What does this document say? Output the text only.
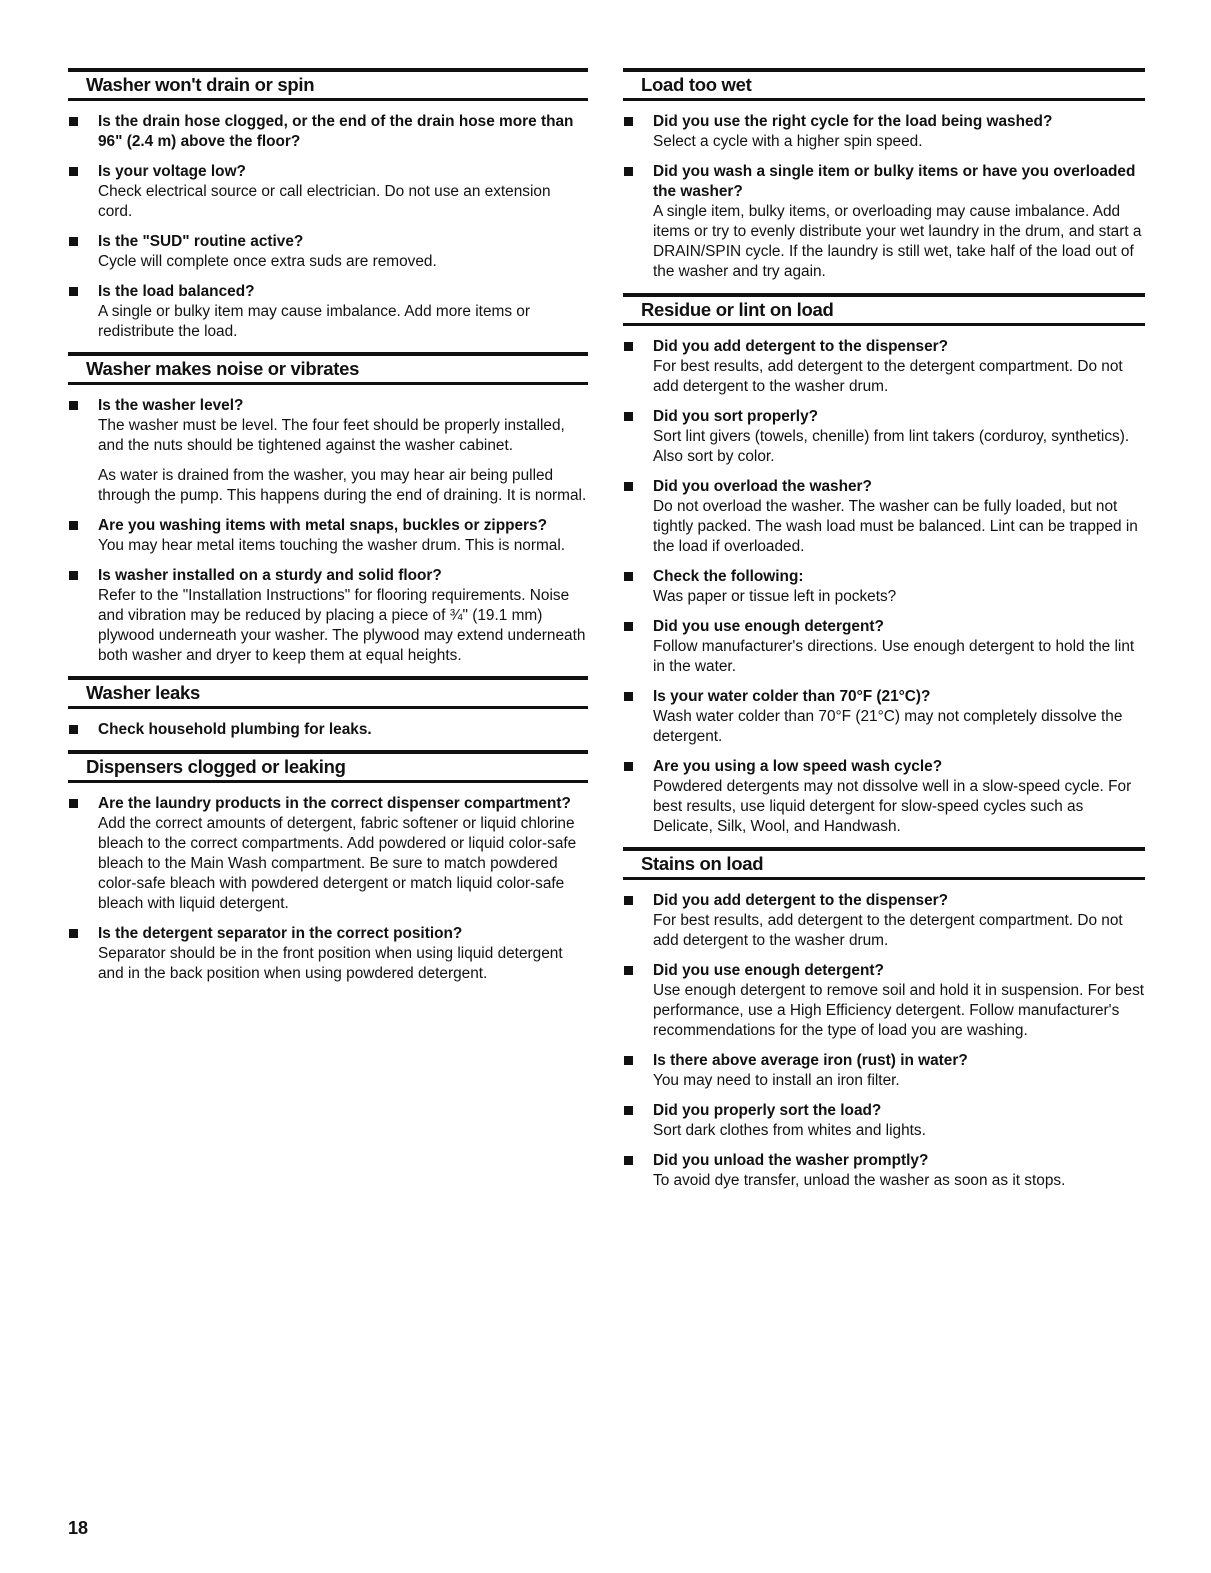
Washer won't drain or spin

Is the drain hose clogged, or the end of the drain hose more than 96" (2.4 m) above the floor?

Is your voltage low?

Check electrical source or call electrician. Do not use an extension cord.

Is the "SUD" routine active?

Cycle will complete once extra suds are removed.

Is the load balanced?

A single or bulky item may cause imbalance. Add more items or redistribute the load.

Washer makes noise or vibrates

Is the washer level?

The washer must be level. The four feet should be properly installed, and the nuts should be tightened against the washer cabinet.

As water is drained from the washer, you may hear air being pulled through the pump. This happens during the end of draining. It is normal.

Are you washing items with metal snaps, buckles or zippers?

You may hear metal items touching the washer drum. This is normal.

Is washer installed on a sturdy and solid floor?

Refer to the "Installation Instructions" for flooring requirements. Noise and vibration may be reduced by placing a piece of ¾" (19.1 mm) plywood underneath your washer. The plywood may extend underneath both washer and dryer to keep them at equal heights.

Washer leaks

Check household plumbing for leaks.

Dispensers clogged or leaking

Are the laundry products in the correct dispenser compartment?

Add the correct amounts of detergent, fabric softener or liquid chlorine bleach to the correct compartments. Add powdered or liquid color-safe bleach to the Main Wash compartment. Be sure to match powdered color-safe bleach with powdered detergent or match liquid color-safe bleach with liquid detergent.

Is the detergent separator in the correct position?

Separator should be in the front position when using liquid detergent and in the back position when using powdered detergent.

Load too wet

Did you use the right cycle for the load being washed?

Select a cycle with a higher spin speed.

Did you wash a single item or bulky items or have you overloaded the washer?

A single item, bulky items, or overloading may cause imbalance. Add items or try to evenly distribute your wet laundry in the drum, and start a DRAIN/SPIN cycle. If the laundry is still wet, take half of the load out of the washer and try again.

Residue or lint on load

Did you add detergent to the dispenser?

For best results, add detergent to the detergent compartment. Do not add detergent to the washer drum.

Did you sort properly?

Sort lint givers (towels, chenille) from lint takers (corduroy, synthetics). Also sort by color.

Did you overload the washer?

Do not overload the washer. The washer can be fully loaded, but not tightly packed. The wash load must be balanced. Lint can be trapped in the load if overloaded.

Check the following:

Was paper or tissue left in pockets?

Did you use enough detergent?

Follow manufacturer's directions. Use enough detergent to hold the lint in the water.

Is your water colder than 70°F (21°C)?

Wash water colder than 70°F (21°C) may not completely dissolve the detergent.

Are you using a low speed wash cycle?

Powdered detergents may not dissolve well in a slow-speed cycle. For best results, use liquid detergent for slow-speed cycles such as Delicate, Silk, Wool, and Handwash.

Stains on load

Did you add detergent to the dispenser?

For best results, add detergent to the detergent compartment. Do not add detergent to the washer drum.

Did you use enough detergent?

Use enough detergent to remove soil and hold it in suspension. For best performance, use a High Efficiency detergent. Follow manufacturer's recommendations for the type of load you are washing.

Is there above average iron (rust) in water?

You may need to install an iron filter.

Did you properly sort the load?

Sort dark clothes from whites and lights.

Did you unload the washer promptly?

To avoid dye transfer, unload the washer as soon as it stops.

18
